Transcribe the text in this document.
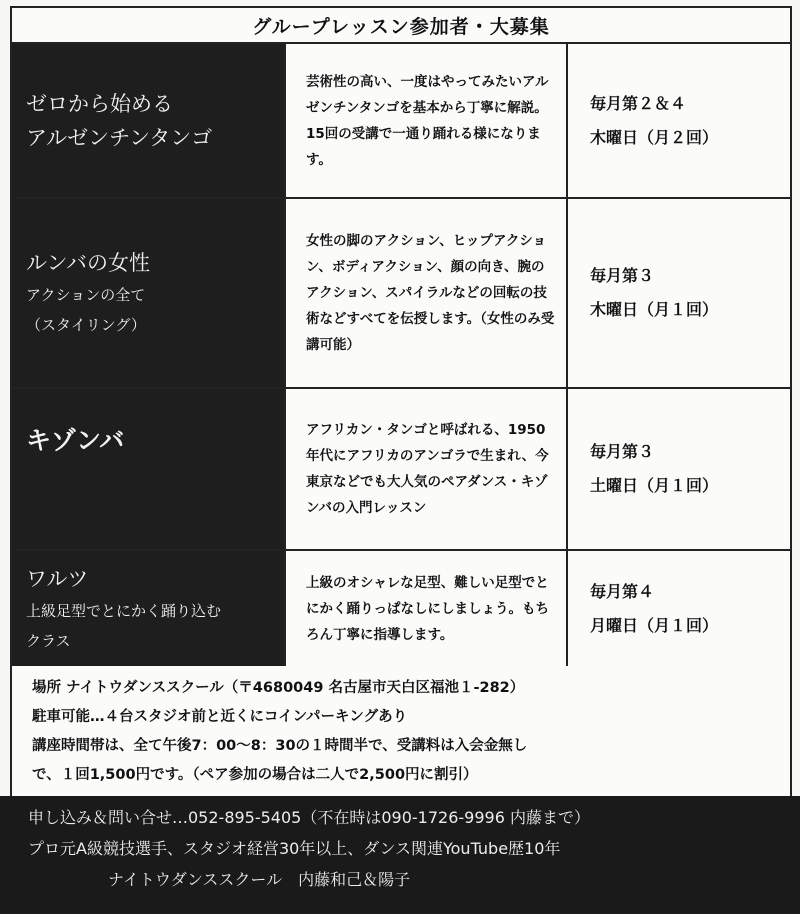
グループレッスン参加者・大募集
ゼロから始める
アルゼンチンタンゴ
芸術性の高い、一度はやってみたいアルゼンチンタンゴを基本から丁寧に解説。15回の受講で一通り踊れる様になります。
毎月第２＆４
木曜日（月２回）
ルンバの女性
アクションの全て
（スタイリング）
女性の脚のアクション、ヒップアクション、ボディアクション、顔の向き、腕のアクション、スパイラルなどの回転の技術などすべてを伝授します。（女性のみ受講可能）
毎月第３
木曜日（月１回）
キゾンバ	アフリカン・タンゴと呼ばれる、1950年代にアフリカのアンゴラで生まれ、今東京などでも大人気のペアダンス・キゾンバの入門レッスン
毎月第３
土曜日（月１回）
ワルツ
上級足型でとにかく踊り込む
クラス
上級のオシャレな足型、難しい足型でとにかく踊りっぱなしにしましょう。もちろん丁寧に指導します。
毎月第４
月曜日（月１回）
場所 ナイトウダンススクール（〒4680049 名古屋市天白区福池１-282）
駐車可能…４台スタジオ前と近くにコインパーキングあり
講座時間帯は、全て午後7：00～8：30の１時間半で、受講料は入会金無し
で、１回1,500円です。（ペア参加の場合は二人で2,500円に割引）
申し込み＆問い合せ…052-895-5405（不在時は090-1726-9996 内藤まで）
プロ元A級競技選手、スタジオ経営30年以上、ダンス関連YouTube歴10年
ナイトウダンススクール　内藤和己＆陽子
